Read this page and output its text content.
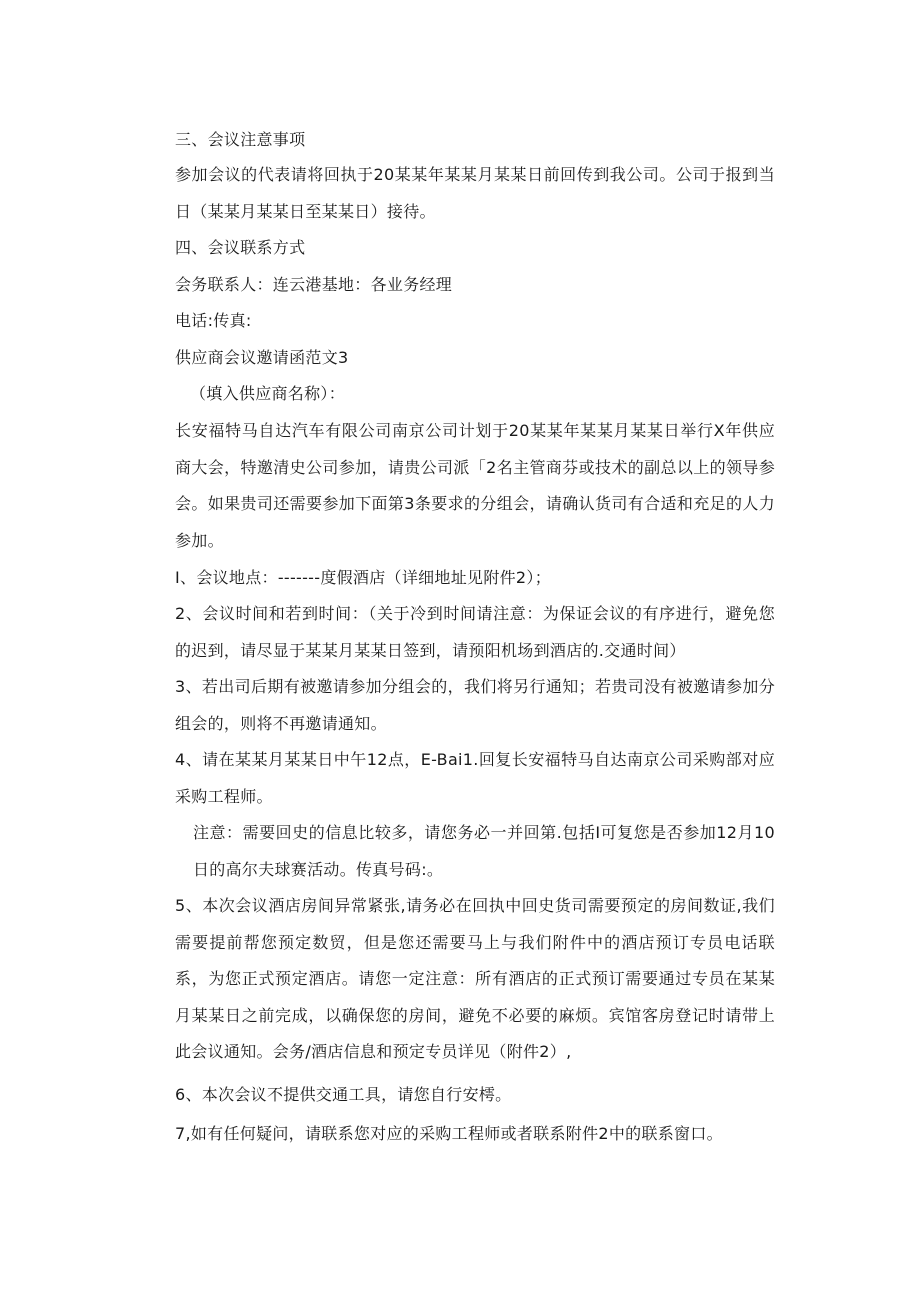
三、会议注意事项

参加会议的代表请将回执于20某某年某某月某某日前回传到我公司。公司于报到当日（某某月某某日至某某日）接待。

四、会议联系方式

会务联系人：连云港基地：各业务经理

电话:传真:

供应商会议邀请函范文3

（填入供应商名称）：

长安福特马自达汽车有限公司南京公司计划于20某某年某某月某某日举行X年供应商大会，特邀清史公司参加，请贵公司派「2名主管商芬或技术的副总以上的领导参会。如果贵司还需要参加下面第3条要求的分组会，请确认货司有合适和充足的人力参加。

I、会议地点：-------度假酒店（详细地址见附件2）；

2、会议时间和若到时间：（关于冷到时间请注意：为保证会议的有序进行，避免您的迟到，请尽显于某某月某某日签到，请预阳机场到酒店的.交通时间）

3、若出司后期有被邀请参加分组会的，我们将另行通知；若贵司没有被邀请参加分组会的，则将不再邀请通知。

4、请在某某月某某日中午12点，E-Bai1.回复长安福特马自达南京公司采购部对应采购工程师。

注意：需要回史的信息比较多，请您务必一并回第.包括I可复您是否参加12月10日的高尔夫球赛活动。传真号码:。

5、本次会议酒店房间异常紧张,请务必在回执中回史货司需要预定的房间数证,我们需要提前帮您预定数贸，但是您还需要马上与我们附件中的酒店预订专员电话联系，为您正式预定酒店。请您一定注意：所有酒店的正式预订需要通过专员在某某月某某日之前完成，以确保您的房间，避免不必要的麻烦。宾馆客房登记时请带上此会议通知。会务/酒店信息和预定专员详见（附件2）,

6、本次会议不提供交通工具，请您自行安樗。

7,如有任何疑问，请联系您对应的采购工程师或者联系附件2中的联系窗口。
